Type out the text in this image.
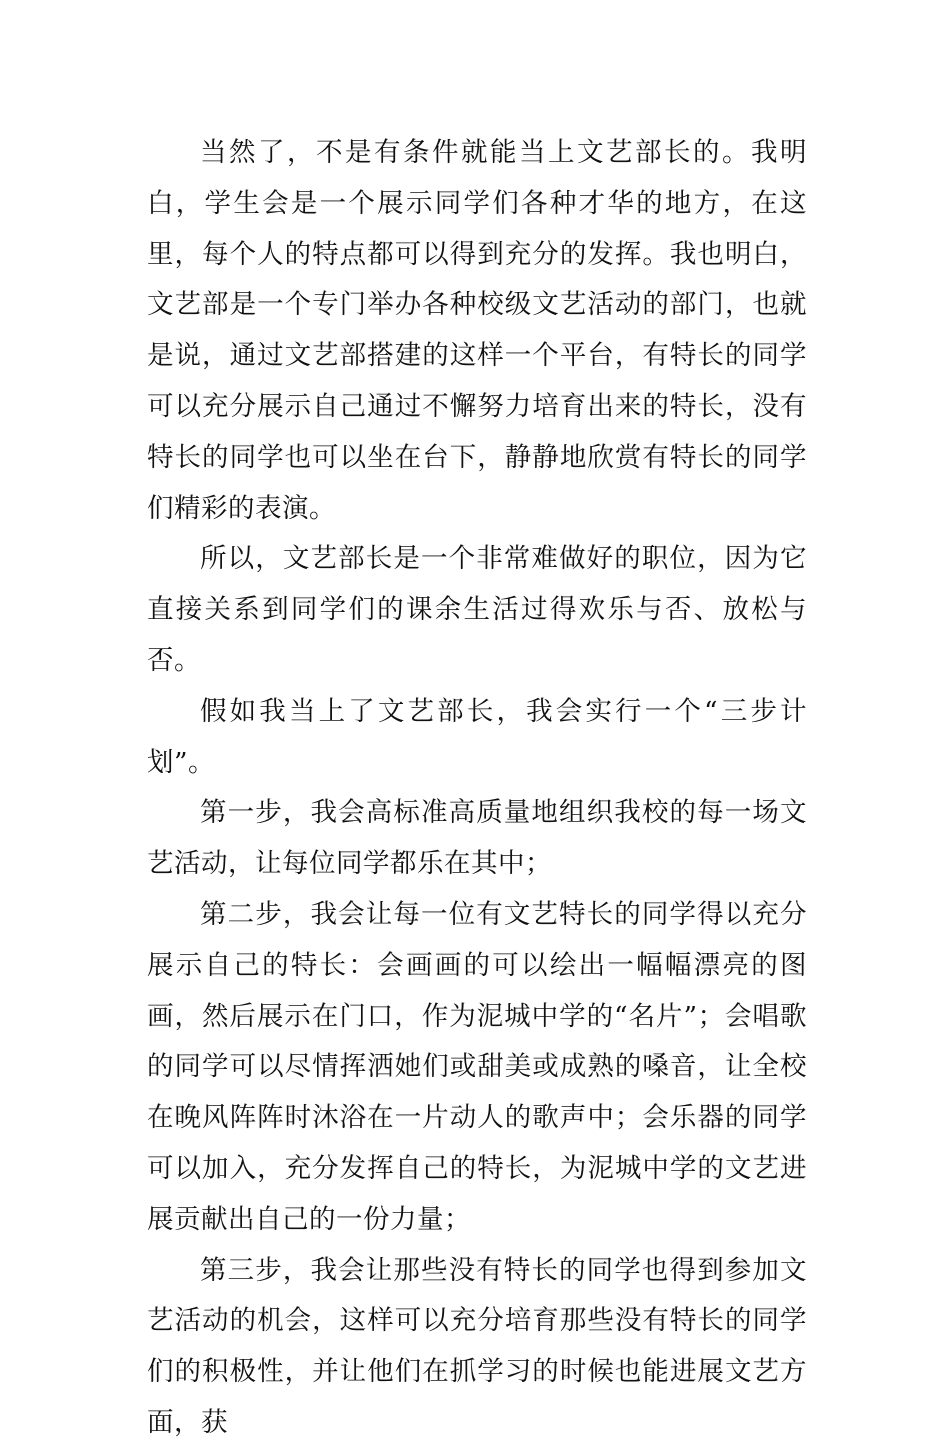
当然了，不是有条件就能当上文艺部长的。我明白，学生会是一个展示同学们各种才华的地方，在这里，每个人的特点都可以得到充分的发挥。我也明白，文艺部是一个专门举办各种校级文艺活动的部门，也就是说，通过文艺部搭建的这样一个平台，有特长的同学可以充分展示自己通过不懈努力培育出来的特长，没有特长的同学也可以坐在台下，静静地欣赏有特长的同学们精彩的表演。

所以，文艺部长是一个非常难做好的职位，因为它直接关系到同学们的课余生活过得欢乐与否、放松与否。

假如我当上了文艺部长，我会实行一个“三步计划”。

第一步，我会高标准高质量地组织我校的每一场文艺活动，让每位同学都乐在其中；

第二步，我会让每一位有文艺特长的同学得以充分展示自己的特长：会画画的可以绘出一幅幅漂亮的图画，然后展示在门口，作为泥城中学的“名片”；会唱歌的同学可以尽情挥洒她们或甜美或成熟的嗓音，让全校在晚风阵阵时沐浴在一片动人的歌声中；会乐器的同学可以加入，充分发挥自己的特长，为泥城中学的文艺进展贡献出自己的一份力量；

第三步，我会让那些没有特长的同学也得到参加文艺活动的机会，这样可以充分培育那些没有特长的同学们的积极性，并让他们在抓学习的时候也能进展文艺方面，获
